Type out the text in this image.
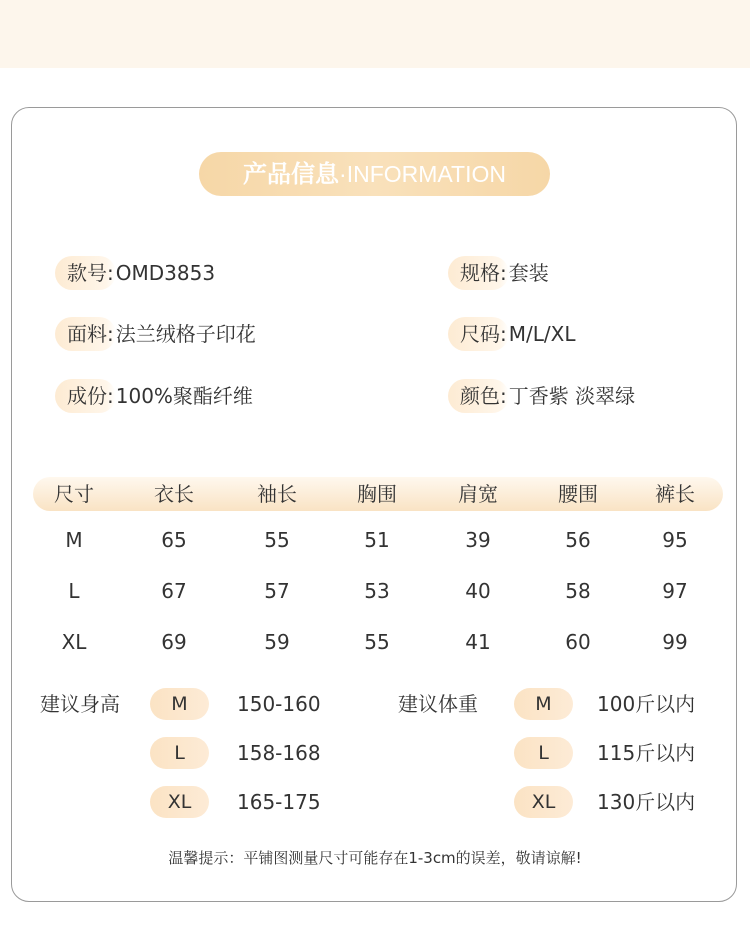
产品信息·INFORMATION
款号: OMD3853	规格: 套装
面料: 法兰绒格子印花	尺码: M/L/XL
成份: 100%聚酯纤维	颜色: 丁香紫 淡翠绿
尺寸	衣长	袖长	胸围	肩宽	腰围	裤长
M	65	55	51	39	56	95
L	67	57	53	40	58	97
XL	69	59	55	41	60	99
建议身高	M	150-160
L	158-168
XL	165-175
建议体重	M	100斤以内
L	115斤以内
XL	130斤以内
温馨提示：平铺图测量尺寸可能存在1-3cm的误差，敬请谅解!
